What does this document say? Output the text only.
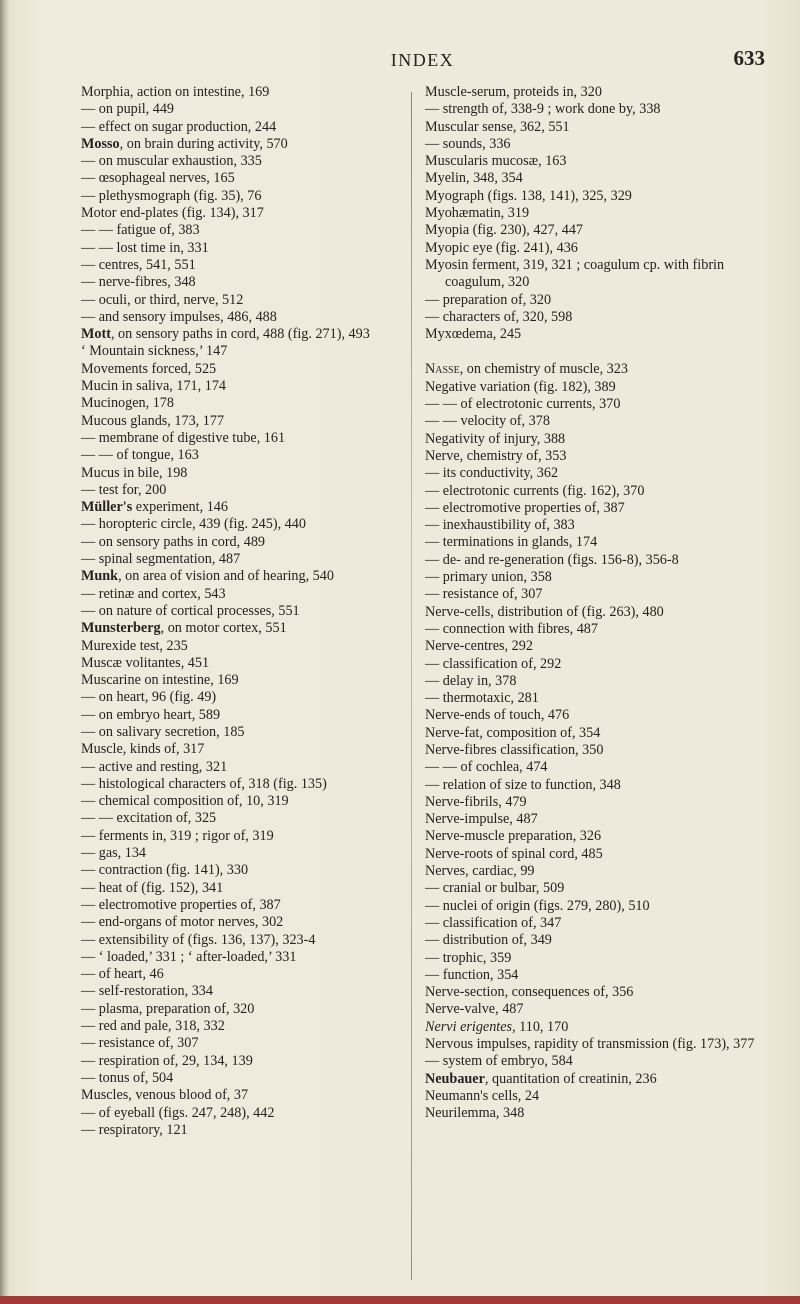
INDEX	633
Morphia, action on intestine, 169
— on pupil, 449
— effect on sugar production, 244
Mosso, on brain during activity, 570
— on muscular exhaustion, 335
— œsophageal nerves, 165
— plethysmograph (fig. 35), 76
Motor end-plates (fig. 134), 317
— — fatigue of, 383
— — lost time in, 331
— centres, 541, 551
— nerve-fibres, 348
— oculi, or third, nerve, 512
— and sensory impulses, 486, 488
Mott, on sensory paths in cord, 488 (fig. 271), 493
‘ Mountain sickness,’ 147
Movements forced, 525
Mucin in saliva, 171, 174
Mucinogen, 178
Mucous glands, 173, 177
— membrane of digestive tube, 161
— — of tongue, 163
Mucus in bile, 198
— test for, 200
Müller's experiment, 146
— horopteric circle, 439 (fig. 245), 440
— on sensory paths in cord, 489
— spinal segmentation, 487
Munk, on area of vision and of hearing, 540
— retinæ and cortex, 543
— on nature of cortical processes, 551
Munsterberg, on motor cortex, 551
Murexide test, 235
Muscæ volitantes, 451
Muscarine on intestine, 169
— on heart, 96 (fig. 49)
— on embryo heart, 589
— on salivary secretion, 185
Muscle, kinds of, 317
— active and resting, 321
— histological characters of, 318 (fig. 135)
— chemical composition of, 10, 319
— — excitation of, 325
— ferments in, 319 ; rigor of, 319
— gas, 134
— contraction (fig. 141), 330
— heat of (fig. 152), 341
— electromotive properties of, 387
— end-organs of motor nerves, 302
— extensibility of (figs. 136, 137), 323-4
— ‘ loaded,’ 331 ; ‘ after-loaded,’ 331
— of heart, 46
— self-restoration, 334
— plasma, preparation of, 320
— red and pale, 318, 332
— resistance of, 307
— respiration of, 29, 134, 139
— tonus of, 504
Muscles, venous blood of, 37
— of eyeball (figs. 247, 248), 442
— respiratory, 121
Muscle-serum, proteids in, 320
— strength of, 338-9 ; work done by, 338
Muscular sense, 362, 551
— sounds, 336
Muscularis mucosæ, 163
Myelin, 348, 354
Myograph (figs. 138, 141), 325, 329
Myohæmatin, 319
Myopia (fig. 230), 427, 447
Myopic eye (fig. 241), 436
Myosin ferment, 319, 321 ; coagulum cp. with fibrin coagulum, 320
— preparation of, 320
— characters of, 320, 598
Myxœdema, 245
Nasse, on chemistry of muscle, 323
Negative variation (fig. 182), 389
— — of electrotonic currents, 370
— — velocity of, 378
Negativity of injury, 388
Nerve, chemistry of, 353
— its conductivity, 362
— electrotonic currents (fig. 162), 370
— electromotive properties of, 387
— inexhaustibility of, 383
— terminations in glands, 174
— de- and re-generation (figs. 156-8), 356-8
— primary union, 358
— resistance of, 307
Nerve-cells, distribution of (fig. 263), 480
— connection with fibres, 487
Nerve-centres, 292
— classification of, 292
— delay in, 378
— thermotaxic, 281
Nerve-ends of touch, 476
Nerve-fat, composition of, 354
Nerve-fibres classification, 350
— — of cochlea, 474
— relation of size to function, 348
Nerve-fibrils, 479
Nerve-impulse, 487
Nerve-muscle preparation, 326
Nerve-roots of spinal cord, 485
Nerves, cardiac, 99
— cranial or bulbar, 509
— nuclei of origin (figs. 279, 280), 510
— classification of, 347
— distribution of, 349
— trophic, 359
— function, 354
Nerve-section, consequences of, 356
Nerve-valve, 487
Nervi erigentes, 110, 170
Nervous impulses, rapidity of transmission (fig. 173), 377
— system of embryo, 584
Neubauer, quantitation of creatinin, 236
Neumann's cells, 24
Neurilemma, 348
